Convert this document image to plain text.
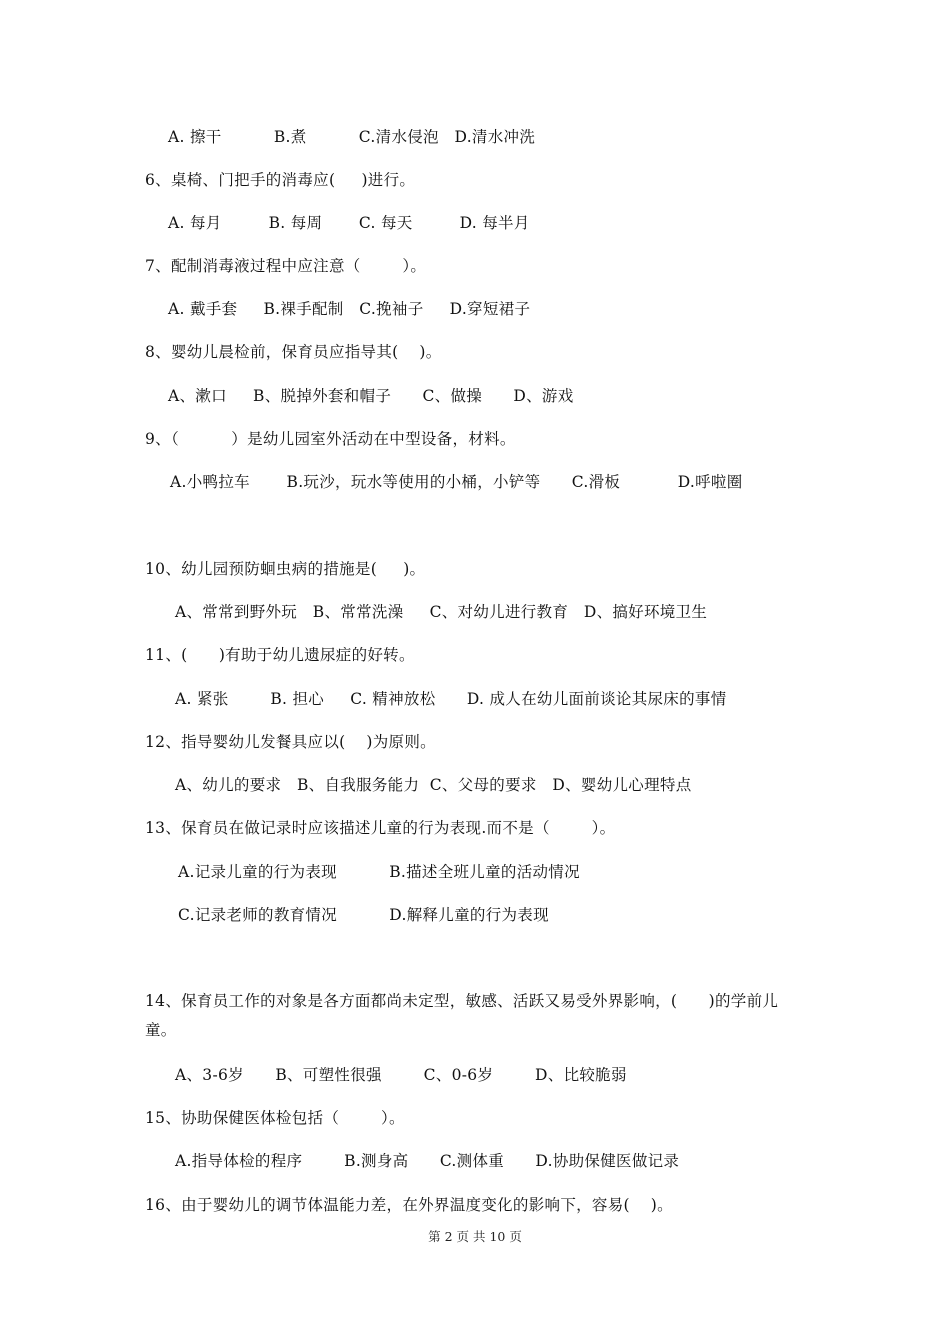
A. 擦干          B.煮          C.清水侵泡   D.清水冲洗
6、桌椅、门把手的消毒应(     )进行。
A. 每月         B. 每周       C. 每天         D. 每半月
7、配制消毒液过程中应注意（        ）。
A. 戴手套     B.裸手配制   C.挽袖子     D.穿短裙子
8、婴幼儿晨检前，保育员应指导其(    )。
A、漱口     B、脱掉外套和帽子      C、做操      D、游戏
9、（          ）是幼儿园室外活动在中型设备，材料。
A.小鸭拉车       B.玩沙，玩水等使用的小桶，小铲等      C.滑板           D.呼啦圈
10、幼儿园预防蛔虫病的措施是(     )。
A、常常到野外玩   B、常常洗澡     C、对幼儿进行教育   D、搞好环境卫生
11、(      )有助于幼儿遗尿症的好转。
A. 紧张        B. 担心     C. 精神放松      D. 成人在幼儿面前谈论其尿床的事情
12、指导婴幼儿发餐具应以(    )为原则。
A、幼儿的要求   B、自我服务能力  C、父母的要求   D、婴幼儿心理特点
13、保育员在做记录时应该描述儿童的行为表现.而不是（        ）。
A.记录儿童的行为表现          B.描述全班儿童的活动情况
C.记录老师的教育情况          D.解释儿童的行为表现
14、保育员工作的对象是各方面都尚未定型，敏感、活跃又易受外界影响，(      )的学前儿
童。
A、3-6岁      B、可塑性很强        C、0-6岁        D、比较脆弱
15、协助保健医体检包括（        ）。
A.指导体检的程序        B.测身高      C.测体重      D.协助保健医做记录
16、由于婴幼儿的调节体温能力差，在外界温度变化的影响下，容易(    )。
第 2 页 共 10 页
